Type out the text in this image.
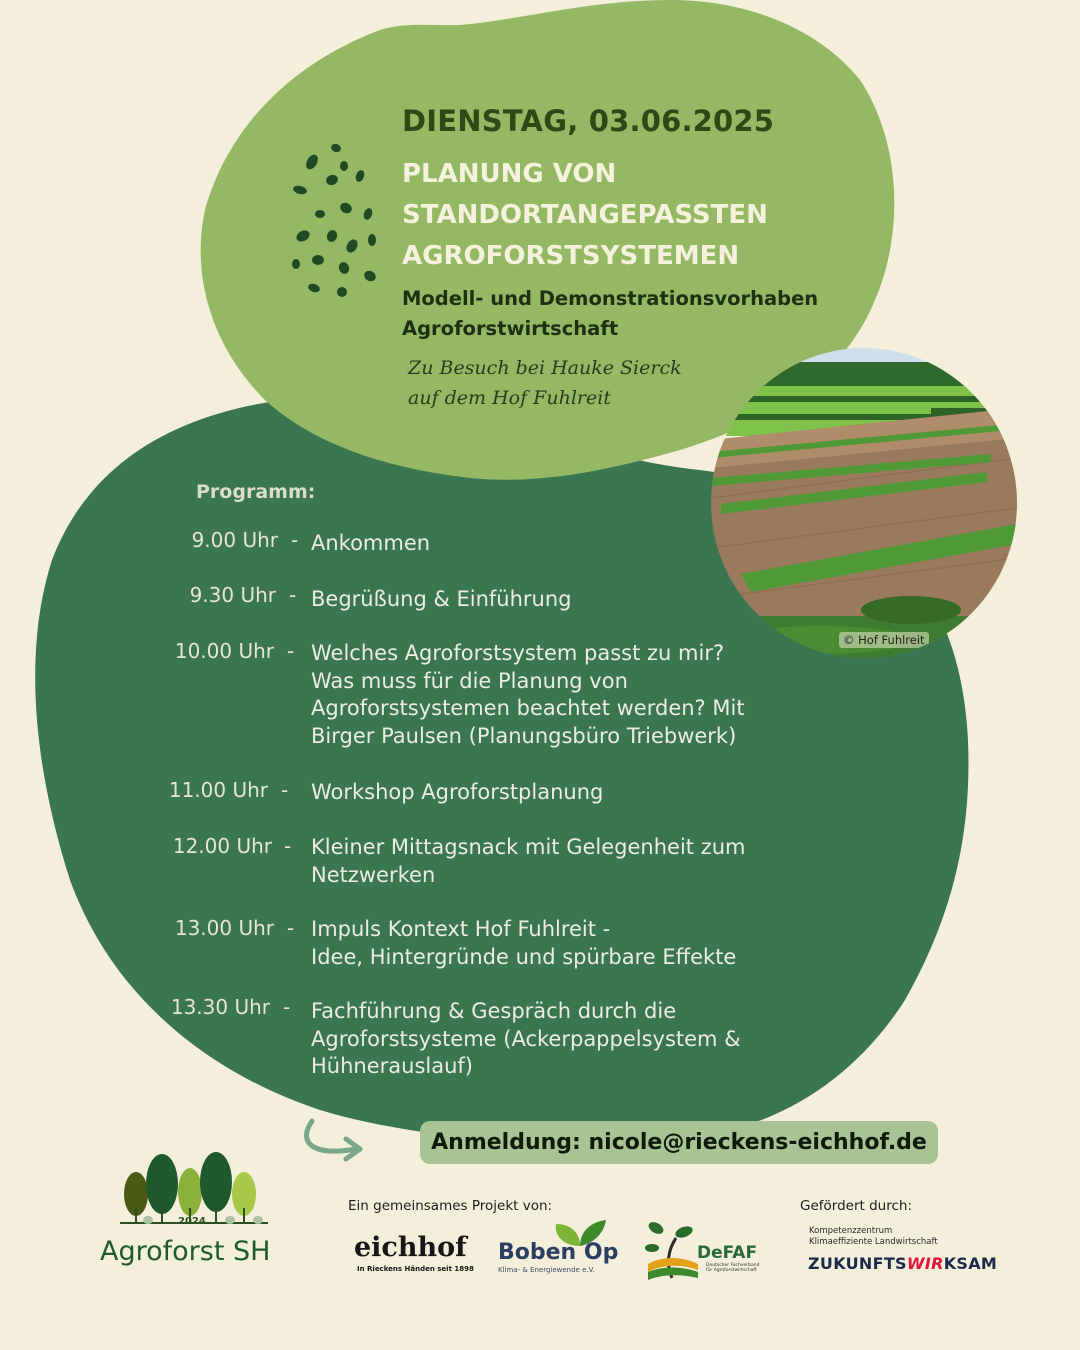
DIENSTAG, 03.06.2025
PLANUNG VON
STANDORTANGEPASSTEN
AGROFORSTSYSTEMEN
Modell- und Demonstrationsvorhaben
Agroforstwirtschaft
Zu Besuch bei Hauke Sierck
auf dem Hof Fuhlreit
© Hof Fuhlreit
Programm:
9.00 Uhr - Ankommen
9.30 Uhr - Begrüßung & Einführung
10.00 Uhr - Welches Agroforstsystem passt zu mir?
Was muss für die Planung von
Agroforstsystemen beachtet werden? Mit
Birger Paulsen (Planungsbüro Triebwerk)
11.00 Uhr - Workshop Agroforstplanung
12.00 Uhr - Kleiner Mittagsnack mit Gelegenheit zum
Netzwerken
13.00 Uhr - Impuls Kontext Hof Fuhlreit -
Idee, Hintergründe und spürbare Effekte
13.30 Uhr - Fachführung & Gespräch durch die
Agroforstsysteme (Ackerpappelsystem &
Hühnerauslauf)
Anmeldung: nicole@rieckens-eichhof.de
2024
Agroforst SH
Ein gemeinsames Projekt von:
eichhof
In Rieckens Händen seit 1898
Boben Op
Klima- & Energiewende e.V.
DeFAF
Deutscher Fachverband für Agroforstwirtschaft
Gefördert durch:
Kompetenzzentrum
Klimaeffiziente Landwirtschaft
ZUKUNFTSWIRKSAM
